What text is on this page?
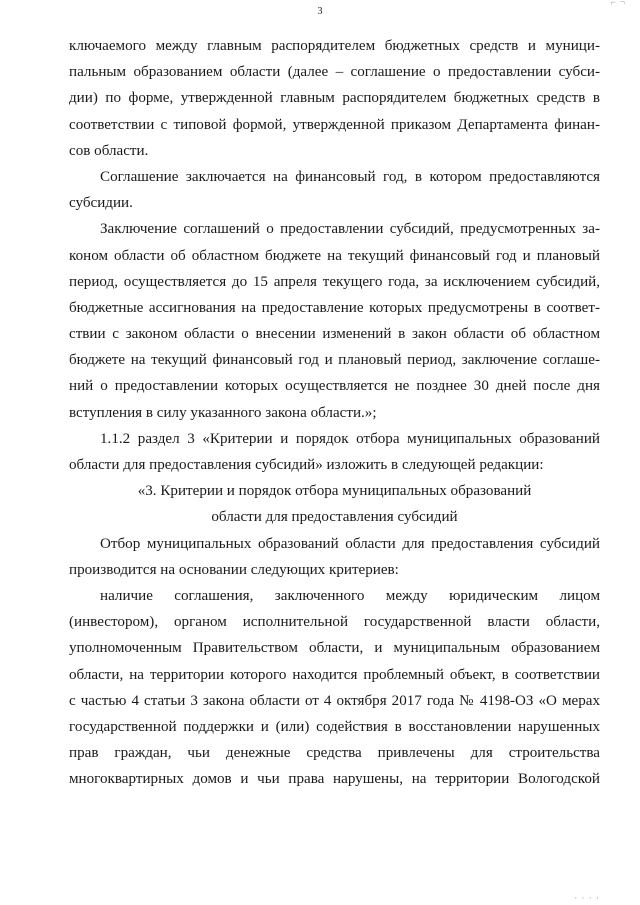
⌐ ¬
3
ключаемого между главным распорядителем бюджетных средств и муници-
пальным образованием области (далее – соглашение о предоставлении субси-
дии) по форме, утвержденной главным распорядителем бюджетных средств в
соответствии с типовой формой, утвержденной приказом Департамента финан-
сов области.
Соглашение заключается на финансовый год, в котором предоставляются
субсидии.
Заключение соглашений о предоставлении субсидий, предусмотренных за-
коном области об областном бюджете на текущий финансовый год и плановый
период, осуществляется до 15 апреля текущего года, за исключением субсидий,
бюджетные ассигнования на предоставление которых предусмотрены в соответ-
ствии с законом области о внесении изменений в закон области об областном
бюджете на текущий финансовый год и плановый период, заключение соглаше-
ний о предоставлении которых осуществляется не позднее 30 дней после дня
вступления в силу указанного закона области.»;
1.1.2 раздел 3 «Критерии и порядок отбора муниципальных образований
области для предоставления субсидий» изложить в следующей редакции:
«3. Критерии и порядок отбора муниципальных образований
области для предоставления субсидий
Отбор муниципальных образований области для предоставления субсидий
производится на основании следующих критериев:
наличие соглашения, заключенного между юридическим лицом
(инвестором), органом исполнительной государственной власти области,
уполномоченным Правительством области, и муниципальным образованием
области, на территории которого находится проблемный объект, в соответствии
с частью 4 статьи 3 закона области от 4 октября 2017 года № 4198-ОЗ «О мерах
государственной поддержки и (или) содействия в восстановлении нарушенных
прав граждан, чьи денежные средства привлечены для строительства
многоквартирных домов и чьи права нарушены, на территории Вологодской
· · · ·
